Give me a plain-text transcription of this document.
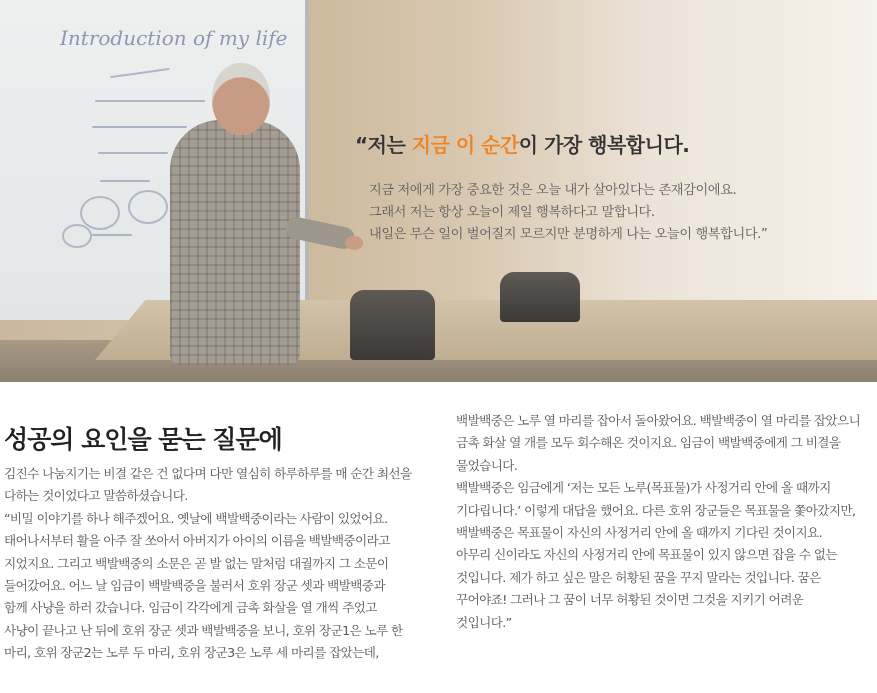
Introduction of my life
“저는 지금 이 순간이 가장 행복합니다.
지금 저에게 가장 중요한 것은 오늘 내가 살아있다는 존재감이에요.
그래서 저는 항상 오늘이 제일 행복하다고 말합니다.
내일은 무슨 일이 벌어질지 모르지만 분명하게 나는 오늘이 행복합니다.”
성공의 요인을 묻는 질문에
김진수 나눔지기는 비결 같은 건 없다며 다만 열심히 하루하루를 매 순간 최선을
다하는 것이었다고 말씀하셨습니다.
“비밀 이야기를 하나 해주겠어요. 옛날에 백발백중이라는 사람이 있었어요.
태어나서부터 활을 아주 잘 쏘아서 아버지가 아이의 이름을 백발백중이라고
지었지요. 그리고 백발백중의 소문은 곧 발 없는 말처럼 대궐까지 그 소문이
들어갔어요. 어느 날 임금이 백발백중을 불러서 호위 장군 셋과 백발백중과
함께 사냥을 하러 갔습니다. 임금이 각각에게 금촉 화살을 열 개씩 주었고
사냥이 끝나고 난 뒤에 호위 장군 셋과 백발백중을 보니, 호위 장군1은 노루 한
마리, 호위 장군2는 노루 두 마리, 호위 장군3은 노루 세 마리를 잡았는데,
백발백중은 노루 열 마리를 잡아서 돌아왔어요. 백발백중이 열 마리를 잡았으니
금촉 화살 열 개를 모두 회수해온 것이지요. 임금이 백발백중에게 그 비결을
물었습니다.
백발백중은 임금에게 ‘저는 모든 노루(목표물)가 사정거리 안에 올 때까지
기다립니다.’ 이렇게 대답을 했어요. 다른 호위 장군들은 목표물을 쫓아갔지만,
백발백중은 목표물이 자신의 사정거리 안에 올 때까지 기다린 것이지요.
아무리 신이라도 자신의 사정거리 안에 목표물이 있지 않으면 잡을 수 없는
것입니다. 제가 하고 싶은 말은 허황된 꿈을 꾸지 말라는 것입니다. 꿈은
꾸어야죠! 그러나 그 꿈이 너무 허황된 것이면 그것을 지키기 어려운
것입니다.”
